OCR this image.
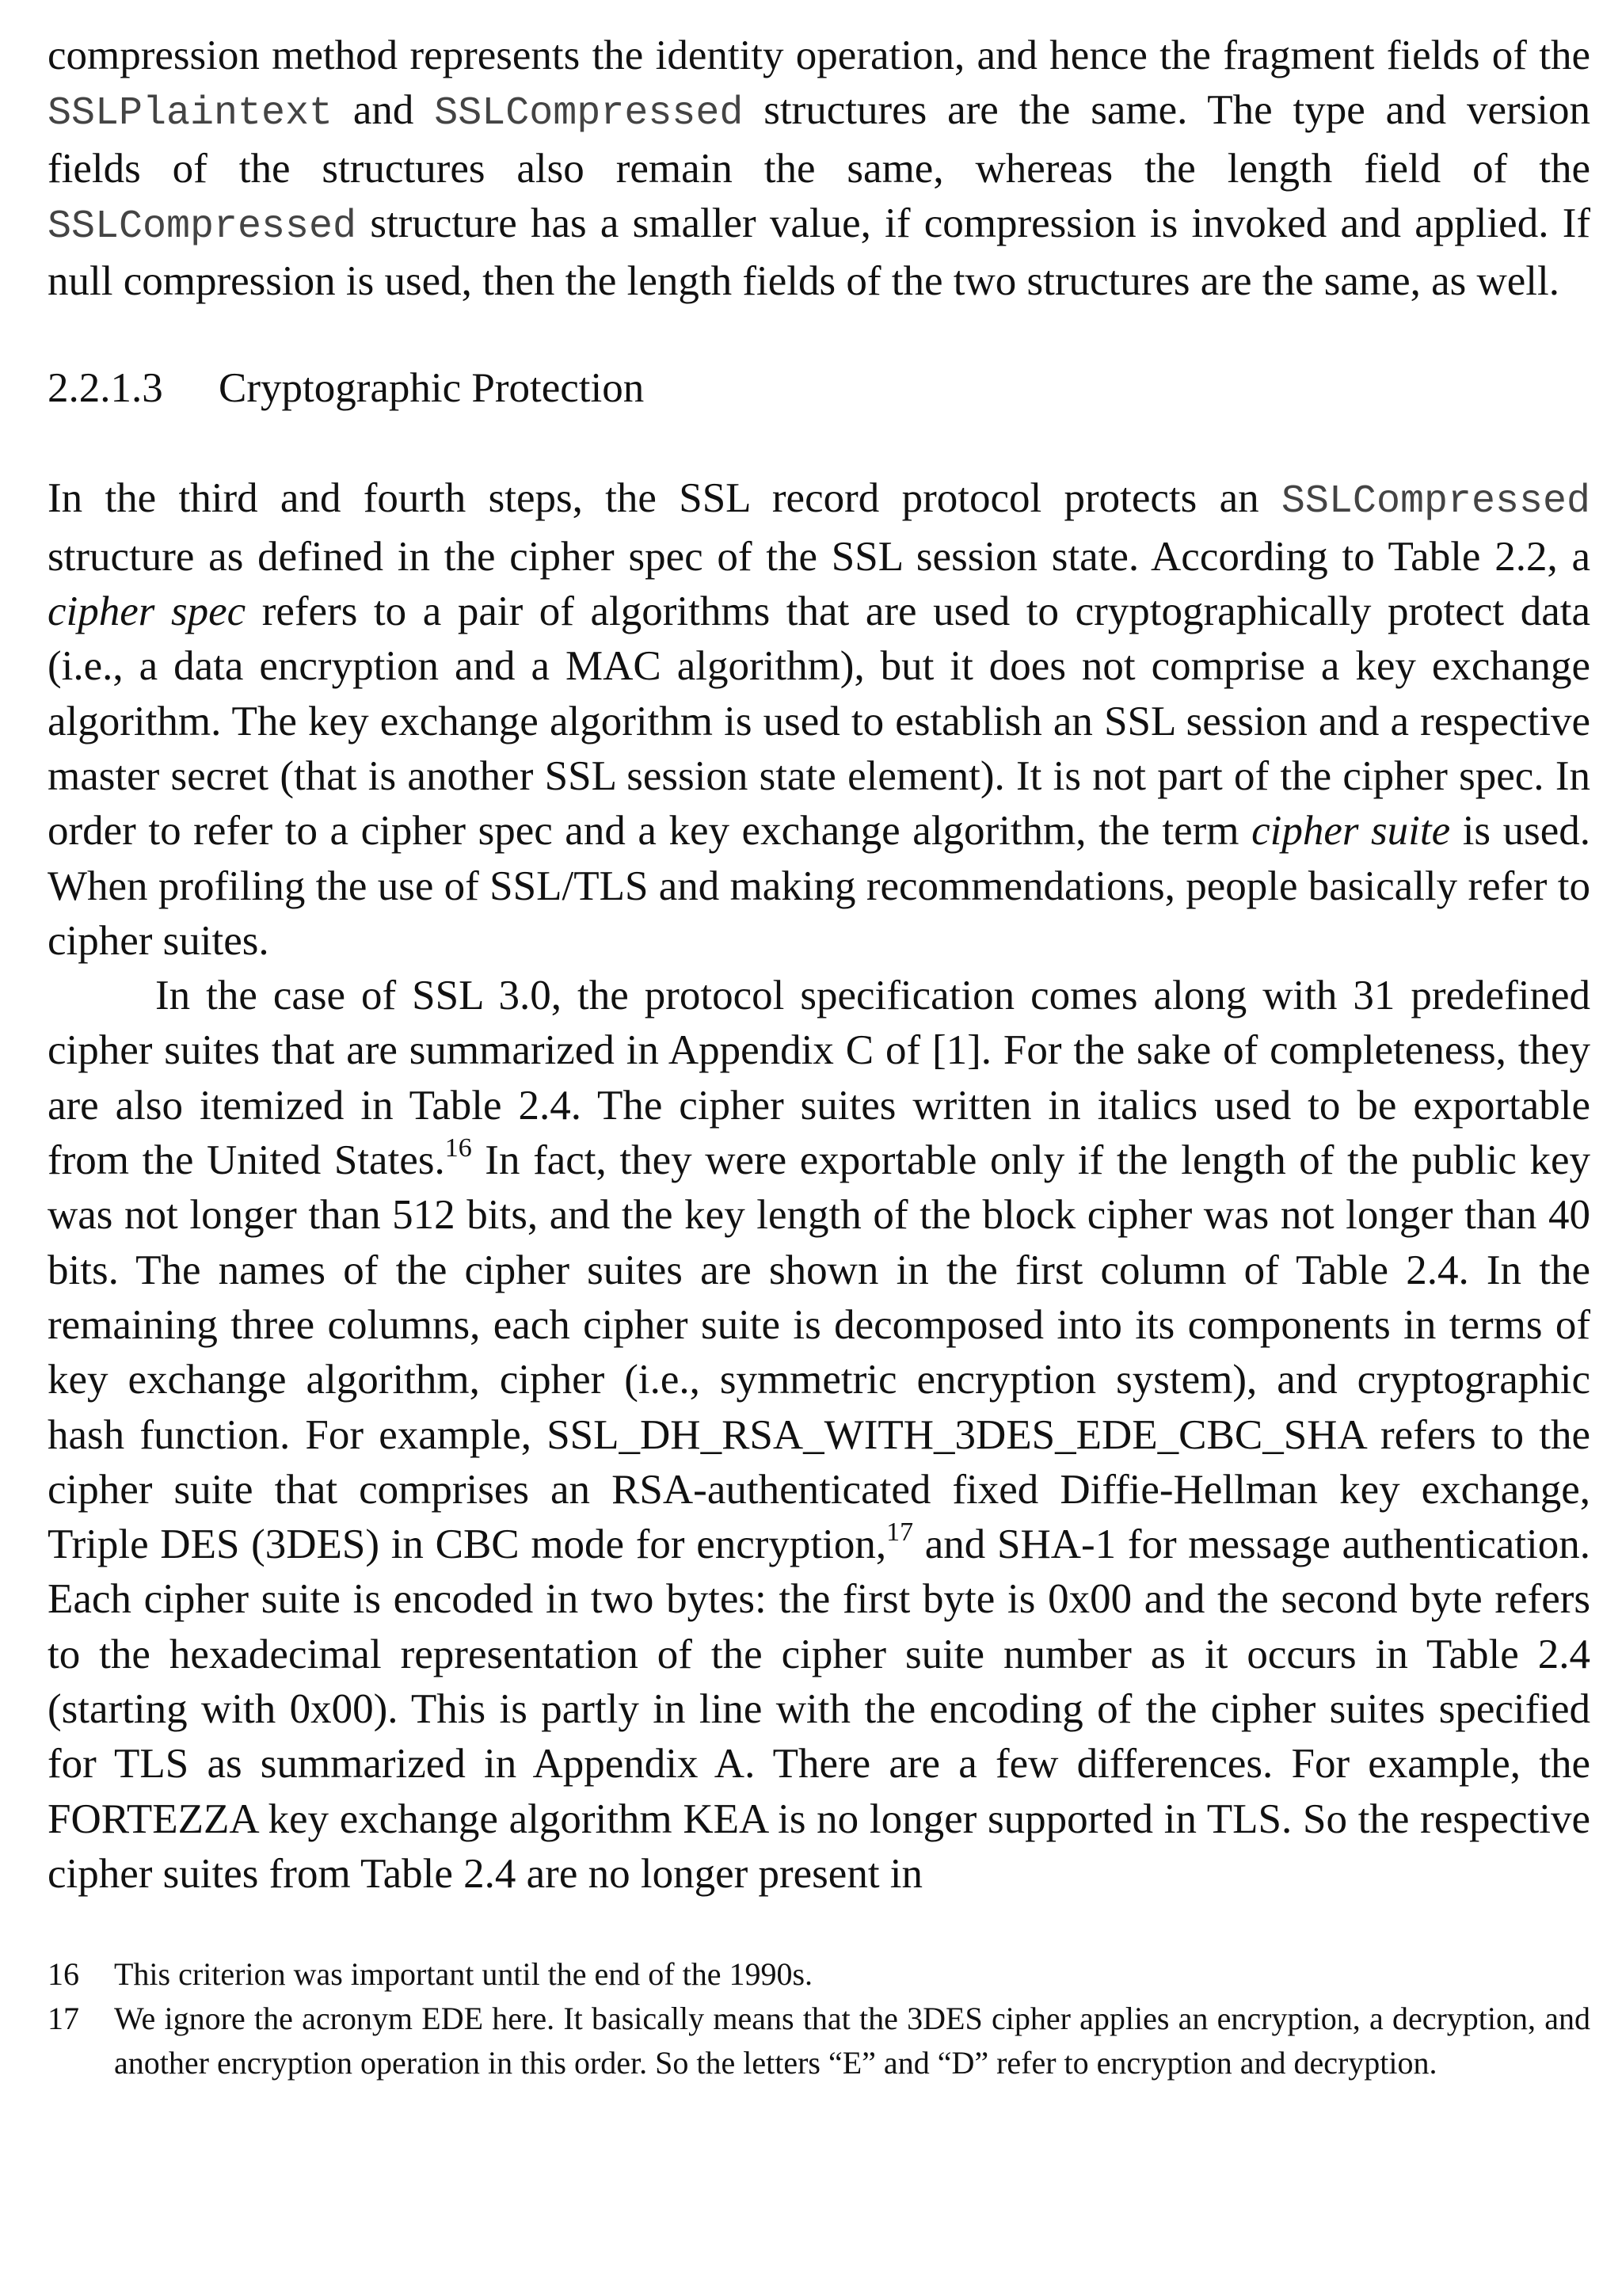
compression method represents the identity operation, and hence the fragment fields of the SSLPlaintext and SSLCompressed structures are the same. The type and version fields of the structures also remain the same, whereas the length field of the SSLCompressed structure has a smaller value, if compression is invoked and applied. If null compression is used, then the length fields of the two structures are the same, as well.

2.2.1.3 Cryptographic Protection

In the third and fourth steps, the SSL record protocol protects an SSLCompressed structure as defined in the cipher spec of the SSL session state. According to Table 2.2, a cipher spec refers to a pair of algorithms that are used to cryptographically protect data (i.e., a data encryption and a MAC algorithm), but it does not comprise a key exchange algorithm. The key exchange algorithm is used to establish an SSL session and a respective master secret (that is another SSL session state element). It is not part of the cipher spec. In order to refer to a cipher spec and a key exchange algorithm, the term cipher suite is used. When profiling the use of SSL/TLS and making recommendations, people basically refer to cipher suites.

In the case of SSL 3.0, the protocol specification comes along with 31 predefined cipher suites that are summarized in Appendix C of [1]. For the sake of completeness, they are also itemized in Table 2.4. The cipher suites written in italics used to be exportable from the United States.$^{16}$ In fact, they were exportable only if the length of the public key was not longer than 512 bits, and the key length of the block cipher was not longer than 40 bits. The names of the cipher suites are shown in the first column of Table 2.4. In the remaining three columns, each cipher suite is decomposed into its components in terms of key exchange algorithm, cipher (i.e., symmetric encryption system), and cryptographic hash function. For example, SSL_DH_RSA_WITH_3DES_EDE_CBC_SHA refers to the cipher suite that comprises an RSA-authenticated fixed Diffie-Hellman key exchange, Triple DES (3DES) in CBC mode for encryption,$^{17}$ and SHA-1 for message authentication. Each cipher suite is encoded in two bytes: the first byte is 0x00 and the second byte refers to the hexadecimal representation of the cipher suite number as it occurs in Table 2.4 (starting with 0x00). This is partly in line with the encoding of the cipher suites specified for TLS as summarized in Appendix A. There are a few differences. For example, the FORTEZZA key exchange algorithm KEA is no longer supported in TLS. So the respective cipher suites from Table 2.4 are no longer present in

16	This criterion was important until the end of the 1990s.
17	We ignore the acronym EDE here. It basically means that the 3DES cipher applies an encryption, a decryption, and another encryption operation in this order. So the letters “E” and “D” refer to encryption and decryption.
